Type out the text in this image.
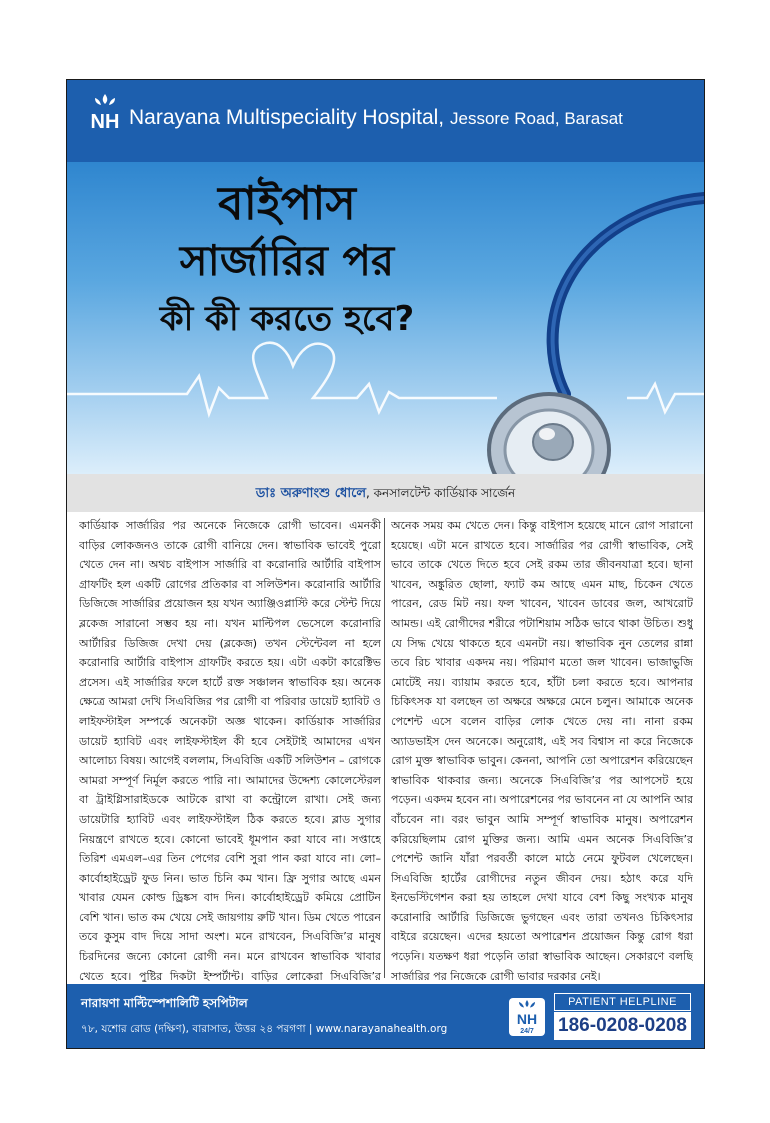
NH Narayana Multispeciality Hospital, Jessore Road, Barasat
বাইপাস
সার্জারির পর
কী কী করতে হবে?
ডাঃ অরুণাংশু ধোলে, কনসালটেন্ট কার্ডিয়াক সার্জেন
কার্ডিয়াক সার্জারির পর অনেকে নিজেকে রোগী ভাবেন। এমনকী বাড়ির লোকজনও তাকে রোগী বানিয়ে দেন। স্বাভাবিক ভাবেই পুরো খেতে দেন না। অথচ বাইপাস সার্জারি বা করোনারি আর্টারি বাইপাস গ্রাফটিং হল একটি রোগের প্রতিকার বা সলিউশন। করোনারি আর্টারি ডিজিজে সার্জারির প্রয়োজন হয় যখন অ্যাঞ্জিওপ্লাস্টি করে স্টেন্ট দিয়ে ব্লকেজ সারানো সম্ভব হয় না। যখন মাল্টিপল ভেসেলে করোনারি আর্টারির ডিজিজ দেখা দেয় (ব্লকেজ) তখন স্টেন্টেবল না হলে করোনারি আর্টারি বাইপাস গ্রাফটিং করতে হয়। এটা একটা কারেক্টিভ প্রসেস। এই সার্জারির ফলে হার্টে রক্ত সঞ্চালন স্বাভাবিক হয়। অনেক ক্ষেত্রে আমরা দেখি সিএবিজির পর রোগী বা পরিবার ডায়েট হ্যাবিট ও লাইফস্টাইল সম্পর্কে অনেকটা অজ্ঞ থাকেন। কার্ডিয়াক সার্জারির ডায়েট হ্যাবিট এবং লাইফস্টাইল কী হবে সেইটাই আমাদের এখন আলোচ্য বিষয়। আগেই বললাম, সিএবিজি একটি সলিউশন – রোগকে আমরা সম্পূর্ণ নির্মূল করতে পারি না। আমাদের উদ্দেশ্য কোলেস্টেরল বা ট্রাইগ্লিসারাইডকে আটকে রাখা বা কন্ট্রোলে রাখা। সেই জন্য ডায়েটারি হ্যাবিট এবং লাইফস্টাইল ঠিক করতে হবে। ব্লাড সুগার নিয়ন্ত্রণে রাখতে হবে। কোনো ভাবেই ধূমপান করা যাবে না। সপ্তাহে তিরিশ এমএল–এর তিন পেগের বেশি সুরা পান করা যাবে না। লো–কার্বোহাইড্রেট ফুড নিন। ভাত চিনি কম খান। ফ্রি সুগার আছে এমন খাবার যেমন কোল্ড ড্রিঙ্কস বাদ দিন। কার্বোহাইড্রেট কমিয়ে প্রোটিন বেশি খান। ভাত কম খেয়ে সেই জায়গায় রুটি খান। ডিম খেতে পারেন তবে কুসুম বাদ দিয়ে সাদা অংশ। মনে রাখবেন, সিএবিজি’র মানুষ চিরদিনের জন্যে কোনো রোগী নন। মনে রাখবেন স্বাভাবিক খাবার খেতে হবে। পুষ্টির দিকটা ইম্পর্টান্ট। বাড়ির লোকেরা সিএবিজি’র
অনেক সময় কম খেতে দেন। কিন্তু বাইপাস হয়েছে মানে রোগ সারানো হয়েছে। এটা মনে রাখতে হবে। সার্জারির পর রোগী স্বাভাবিক, সেই ভাবে তাকে খেতে দিতে হবে সেই রকম তার জীবনযাত্রা হবে। ছানা খাবেন, অঙ্কুরিত ছোলা, ফ্যাট কম আছে এমন মাছ, চিকেন খেতে পারেন, রেড মিট নয়। ফল খাবেন, খাবেন ডাবের জল, আখরোট আমন্ড। এই রোগীদের শরীরে পটাশিয়াম সঠিক ভাবে থাকা উচিত। শুধু যে সিদ্ধ খেয়ে থাকতে হবে এমনটা নয়। স্বাভাবিক নুন তেলের রান্না তবে রিচ খাবার একদম নয়। পরিমাণ মতো জল খাবেন। ভাজাভুজি মোটেই নয়। ব্যায়াম করতে হবে, হাঁটা চলা করতে হবে। আপনার চিকিৎসক যা বলছেন তা অক্ষরে অক্ষরে মেনে চলুন। আমাকে অনেক পেশেন্ট এসে বলেন বাড়ির লোক খেতে দেয় না। নানা রকম অ্যাডভাইস দেন অনেকে। অনুরোধ, এই সব বিশ্বাস না করে নিজেকে রোগ মুক্ত স্বাভাবিক ভাবুন। কেননা, আপনি তো অপারেশন করিয়েছেন স্বাভাবিক থাকবার জন্য। অনেকে সিএবিজি’র পর আপসেট হয়ে পড়েন। একদম হবেন না। অপারেশনের পর ভাবনেন না যে আপনি আর বাঁচবেন না। বরং ভাবুন আমি সম্পূর্ণ স্বাভাবিক মানুষ। অপারেশন করিয়েছিলাম রোগ মুক্তির জন্য। আমি এমন অনেক সিএবিজি’র পেশেন্ট জানি যাঁরা পরবর্তী কালে মাঠে নেমে ফুটবল খেলেছেন। সিএবিজি হার্টের রোগীদের নতুন জীবন দেয়। হঠাৎ করে যদি ইনভেস্টিগেশন করা হয় তাহলে দেখা যাবে বেশ কিছু সংখ্যক মানুষ করোনারি আর্টারি ডিজিজে ভুগছেন এবং তারা তখনও চিকিৎসার বাইরে রয়েছেন। এদের হয়তো অপারেশন প্রয়োজন কিন্তু রোগ ধরা পড়েনি। যতক্ষণ ধরা পড়েনি তারা স্বাভাবিক আছেন। সেকারণে বলছি সার্জারির পর নিজেকে রোগী ভাবার দরকার নেই।
নারায়ণা মাল্টিস্পেশালিটি হসপিটাল
৭৮, যশোর রোড (দক্ষিণ), বারাসাত, উত্তর ২৪ পরগণা | www.narayanahealth.org
NH
24/7
PATIENT HELPLINE
186-0208-0208
